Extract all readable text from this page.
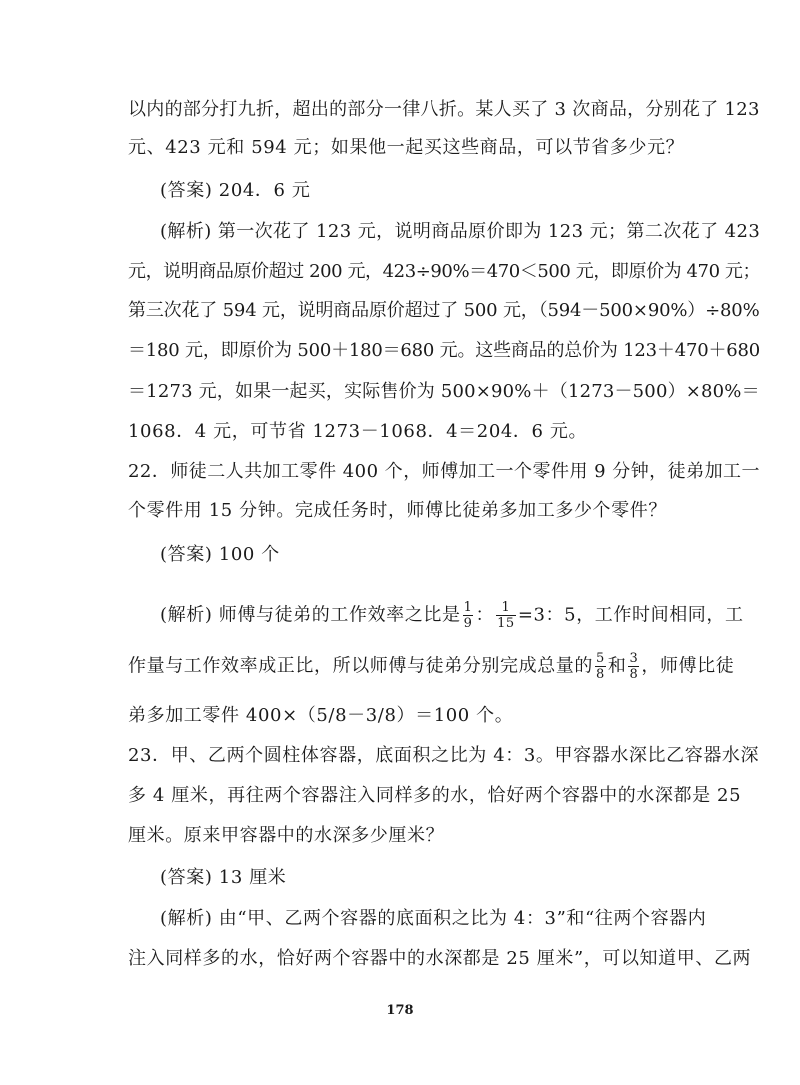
以内的部分打九折，超出的部分一律八折。某人买了 3 次商品，分别花了 123
元、423 元和 594 元；如果他一起买这些商品，可以节省多少元？
(答案) 204．6 元
(解析) 第一次花了 123 元，说明商品原价即为 123 元；第二次花了 423
元，说明商品原价超过 200 元，423÷90%＝470＜500 元，即原价为 470 元；
第三次花了 594 元，说明商品原价超过了 500 元，（594－500×90%）÷80%
＝180 元，即原价为 500＋180＝680 元。这些商品的总价为 123＋470＋680
＝1273 元，如果一起买，实际售价为 500×90%＋（1273－500）×80%＝
1068．4 元，可节省 1273－1068．4＝204．6 元。
22．师徒二人共加工零件 400 个，师傅加工一个零件用 9 分钟，徒弟加工一
个零件用 15 分钟。完成任务时，师傅比徒弟多加工多少个零件？
(答案) 100 个
(解析) 师傅与徒弟的工作效率之比是 $\frac{1}{9}$ ： $\frac{1}{15} =3$：5，工作时间相同，工
作量与工作效率成正比，所以师傅与徒弟分别完成总量的 $\frac{5}{8}$ 和 $\frac{3}{8}$ ，师傅比徒
弟多加工零件 400×（5/8－3/8）＝100 个。
23．甲、乙两个圆柱体容器，底面积之比为 4：3。甲容器水深比乙容器水深
多 4 厘米，再往两个容器注入同样多的水，恰好两个容器中的水深都是 25
厘米。原来甲容器中的水深多少厘米？
(答案) 13 厘米
(解析) 由“甲、乙两个容器的底面积之比为 4：3”和“往两个容器内
注入同样多的水，恰好两个容器中的水深都是 25 厘米”，可以知道甲、乙两
178
